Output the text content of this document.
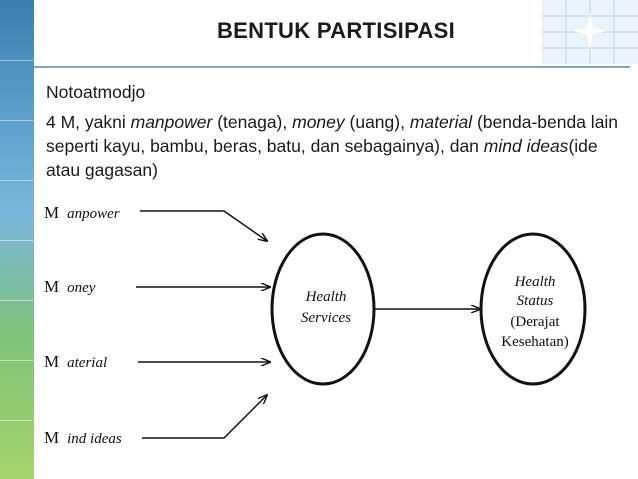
BENTUK PARTISIPASI

Notoatmodjo

4 M, yakni manpower (tenaga), money (uang), material (benda-benda lain seperti kayu, bambu, beras, batu, dan sebagainya), dan mind ideas(ide atau gagasan)

M anpower
M oney
M aterial
M ind ideas
Health
Services
Health
Status
(Derajat
Kesehatan)
